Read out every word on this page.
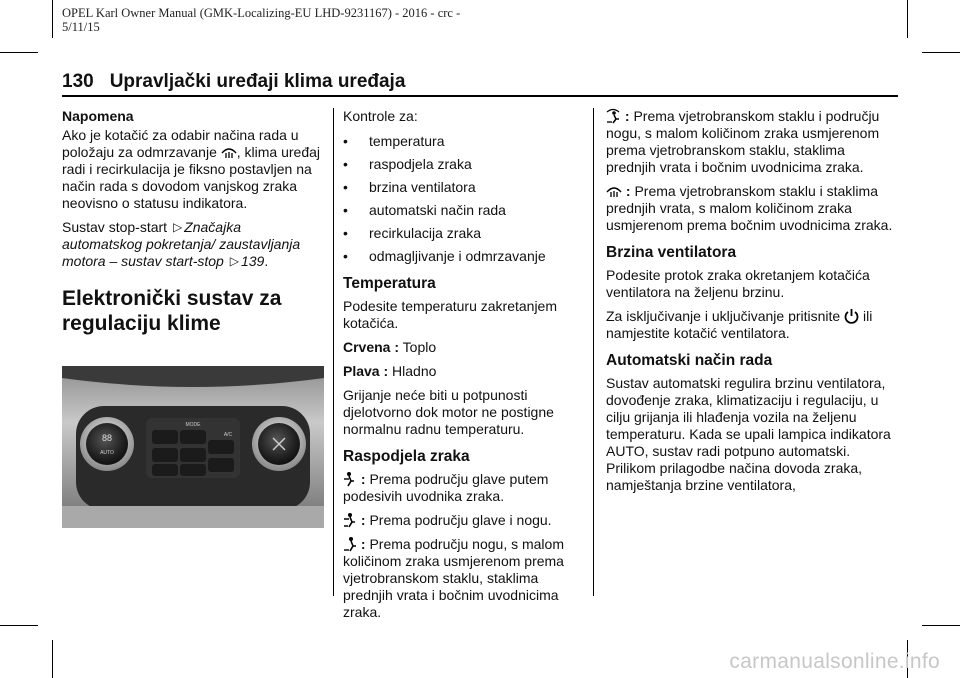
OPEL Karl Owner Manual (GMK-Localizing-EU LHD-9231167) - 2016 - crc -
5/11/15
130 Upravljački uređaji klima uređaja

Napomena

Ako je kotačić za odabir načina rada u položaju za odmrzavanje , klima uređaj radi i recirkulacija je fiksno postavljen na način rada s dovodom vanjskog zraka neovisno o statusu indikatora.

Sustav stop-start ▷ Značajka automatskog pokretanja/ zaustavljanja motora – sustav start-stop ▷ 139.

Elektronički sustav za regulaciju klime
88
AUTO
MODE
A/C

Kontrole za:

• temperatura
• raspodjela zraka
• brzina ventilatora
• automatski način rada
• recirkulacija zraka
• odmagljivanje i odmrzavanje
Temperatura

Podesite temperaturu zakretanjem kotačića.

Crvena : Toplo

Plava : Hladno

Grijanje neće biti u potpunosti djelotvorno dok motor ne postigne normalnu radnu temperaturu.

Raspodjela zraka

: Prema području glave putem podesivih uvodnika zraka.

: Prema području glave i nogu.

: Prema području nogu, s malom količinom zraka usmjerenom prema vjetrobranskom staklu, staklima prednjih vrata i bočnim uvodnicima zraka.

: Prema vjetrobranskom staklu i području nogu, s malom količinom zraka usmjerenom prema vjetrobranskom staklu, staklima prednjih vrata i bočnim uvodnicima zraka.

: Prema vjetrobranskom staklu i staklima prednjih vrata, s malom količinom zraka usmjerenom prema bočnim uvodnicima zraka.

Brzina ventilatora

Podesite protok zraka okretanjem kotačića ventilatora na željenu brzinu.

Za isključivanje i uključivanje pritisnite ili namjestite kotačić ventilatora.

Automatski način rada

Sustav automatski regulira brzinu ventilatora, dovođenje zraka, klimatizaciju i regulaciju, u cilju grijanja ili hlađenja vozila na željenu temperaturu. Kada se upali lampica indikatora AUTO, sustav radi potpuno automatski. Prilikom prilagodbe načina dovoda zraka, namještanja brzine ventilatora,

carmanualsonline.info
